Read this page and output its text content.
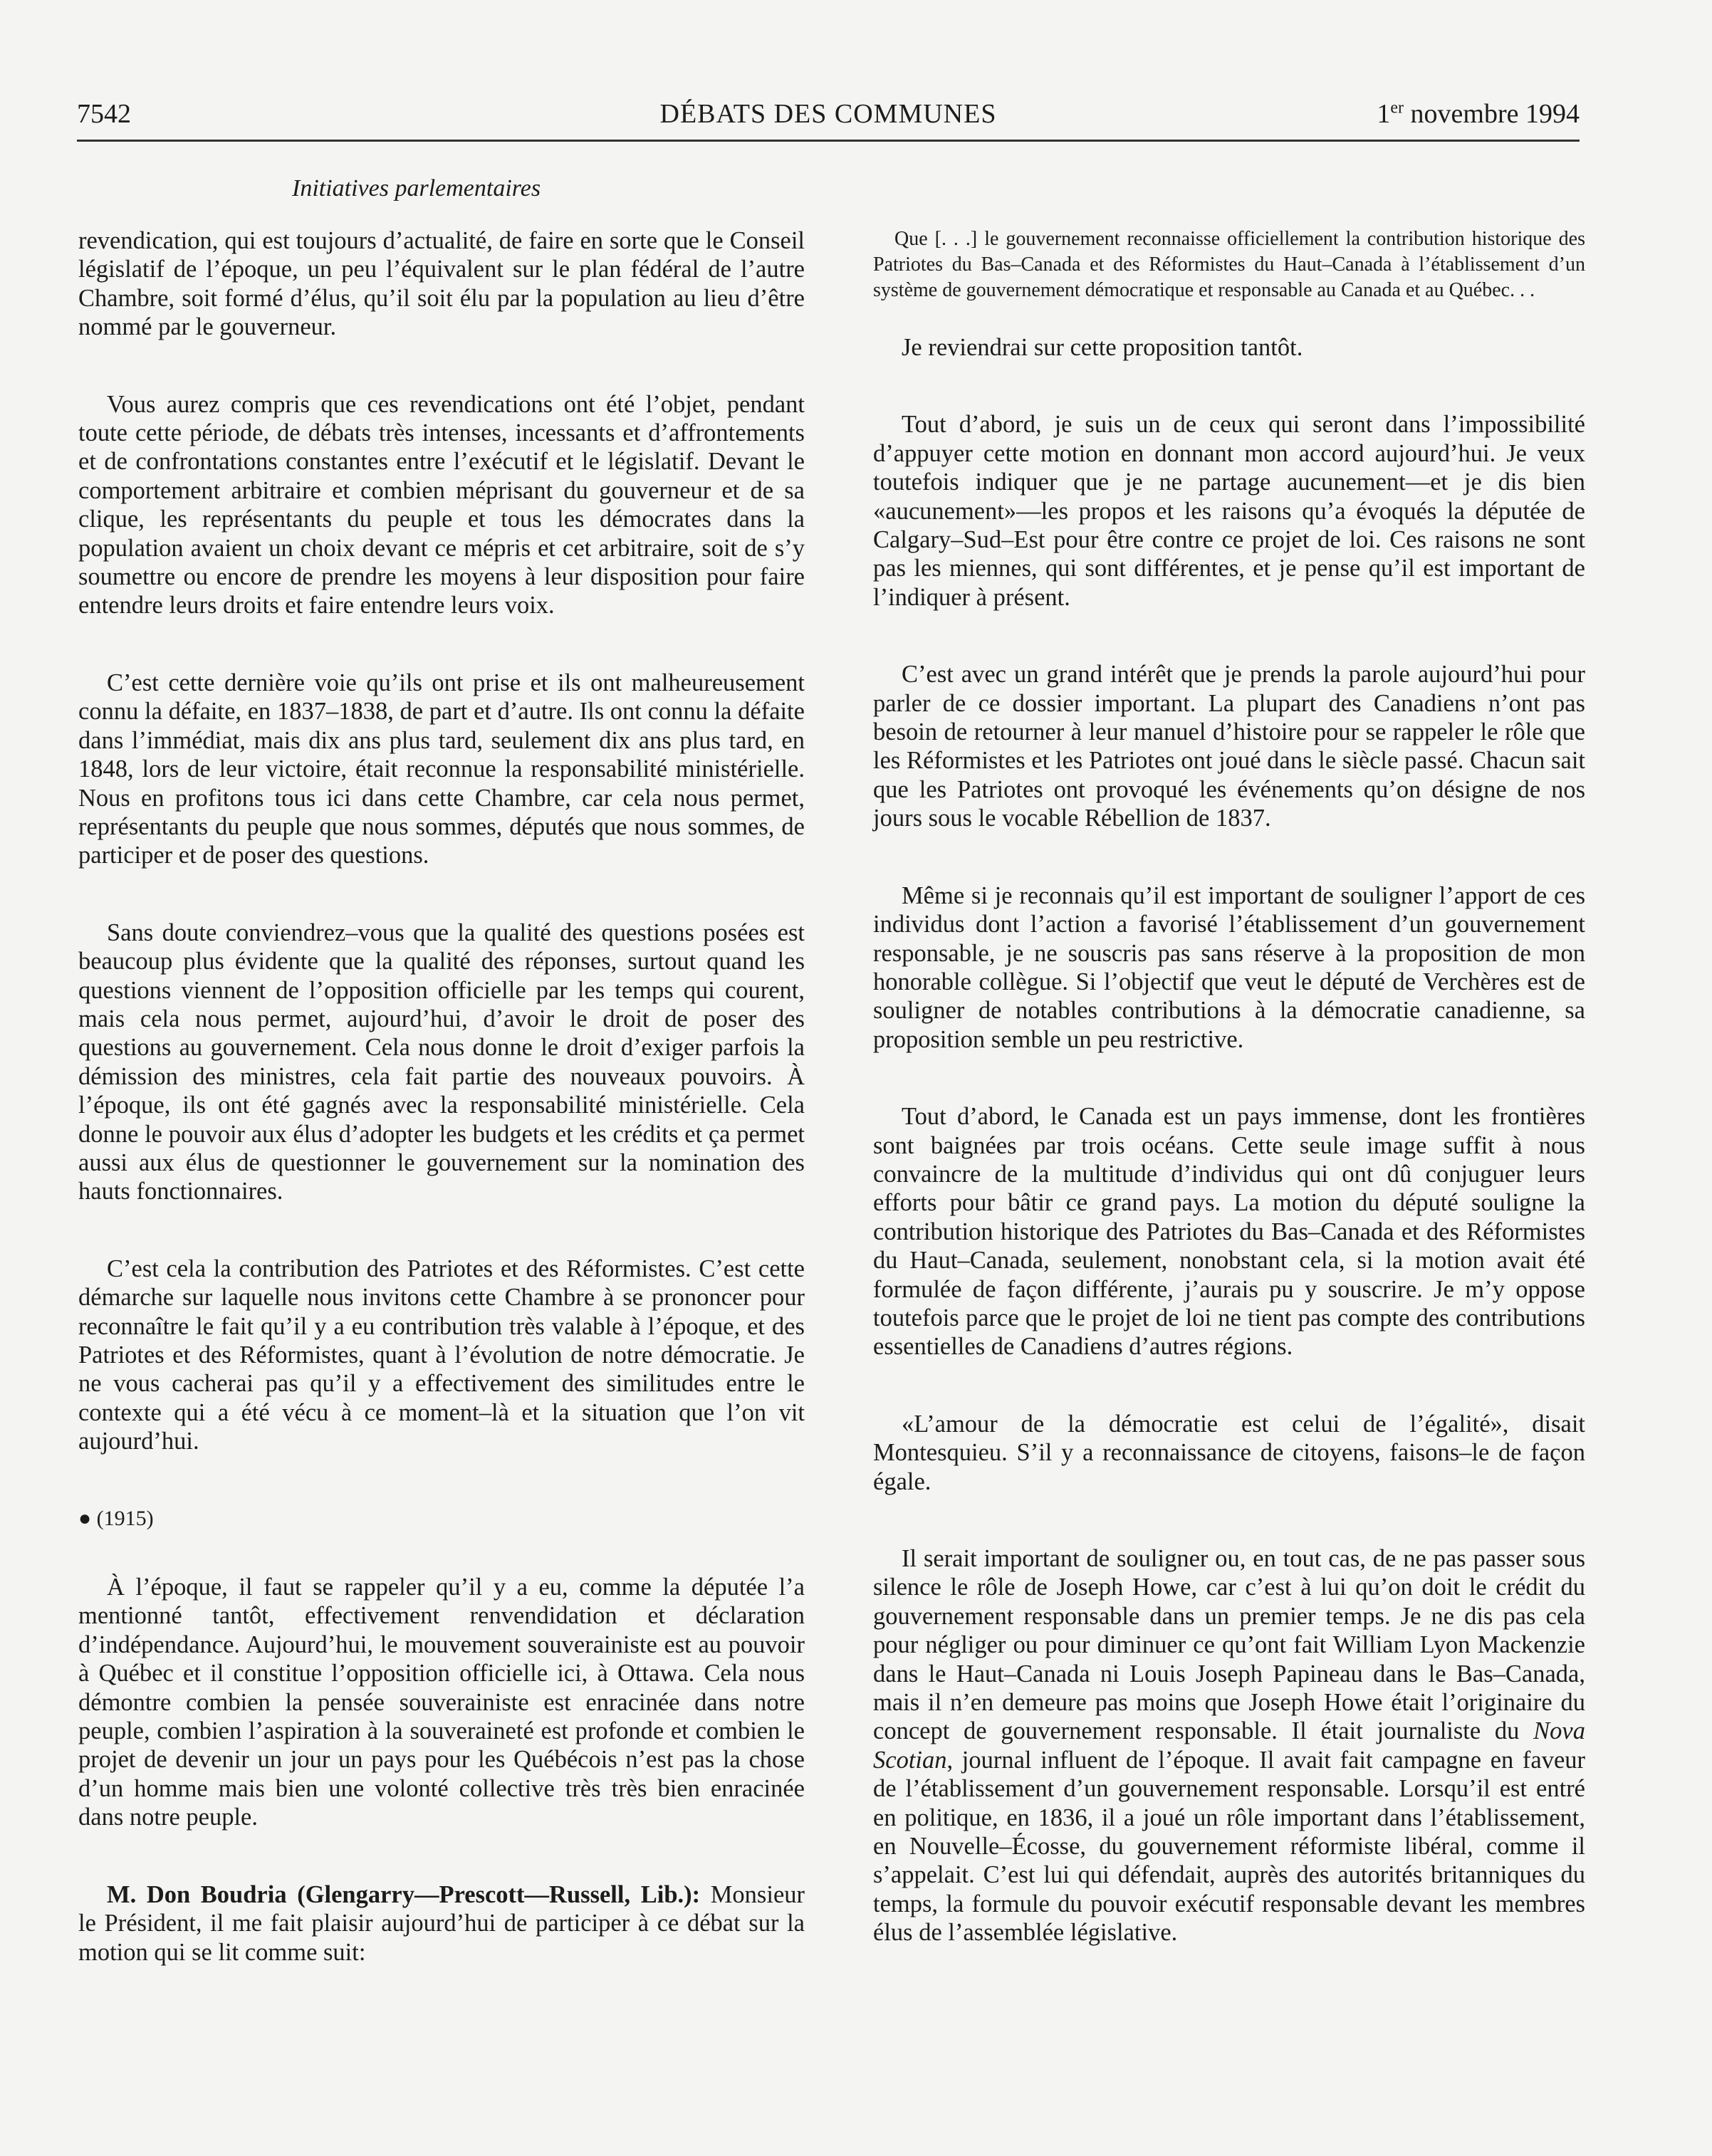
7542	DÉBATS DES COMMUNES	1er novembre 1994
Initiatives parlementaires

revendication, qui est toujours d’actualité, de faire en sorte que le Conseil législatif de l’époque, un peu l’équivalent sur le plan fédéral de l’autre Chambre, soit formé d’élus, qu’il soit élu par la population au lieu d’être nommé par le gouverneur.

Vous aurez compris que ces revendications ont été l’objet, pendant toute cette période, de débats très intenses, incessants et d’affrontements et de confrontations constantes entre l’exécutif et le législatif. Devant le comportement arbitraire et combien méprisant du gouverneur et de sa clique, les représentants du peuple et tous les démocrates dans la population avaient un choix devant ce mépris et cet arbitraire, soit de s’y soumettre ou encore de prendre les moyens à leur disposition pour faire entendre leurs droits et faire entendre leurs voix.

C’est cette dernière voie qu’ils ont prise et ils ont malheureusement connu la défaite, en 1837–1838, de part et d’autre. Ils ont connu la défaite dans l’immédiat, mais dix ans plus tard, seulement dix ans plus tard, en 1848, lors de leur victoire, était reconnue la responsabilité ministérielle. Nous en profitons tous ici dans cette Chambre, car cela nous permet, représentants du peuple que nous sommes, députés que nous sommes, de participer et de poser des questions.

Sans doute conviendrez–vous que la qualité des questions posées est beaucoup plus évidente que la qualité des réponses, surtout quand les questions viennent de l’opposition officielle par les temps qui courent, mais cela nous permet, aujourd’hui, d’avoir le droit de poser des questions au gouvernement. Cela nous donne le droit d’exiger parfois la démission des ministres, cela fait partie des nouveaux pouvoirs. À l’époque, ils ont été gagnés avec la responsabilité ministérielle. Cela donne le pouvoir aux élus d’adopter les budgets et les crédits et ça permet aussi aux élus de questionner le gouvernement sur la nomination des hauts fonctionnaires.

C’est cela la contribution des Patriotes et des Réformistes. C’est cette démarche sur laquelle nous invitons cette Chambre à se prononcer pour reconnaître le fait qu’il y a eu contribution très valable à l’époque, et des Patriotes et des Réformistes, quant à l’évolution de notre démocratie. Je ne vous cacherai pas qu’il y a effectivement des similitudes entre le contexte qui a été vécu à ce moment–là et la situation que l’on vit aujourd’hui.

● (1915)

À l’époque, il faut se rappeler qu’il y a eu, comme la députée l’a mentionné tantôt, effectivement renvendidation et déclaration d’indépendance. Aujourd’hui, le mouvement souverainiste est au pouvoir à Québec et il constitue l’opposition officielle ici, à Ottawa. Cela nous démontre combien la pensée souverainiste est enracinée dans notre peuple, combien l’aspiration à la souveraineté est profonde et combien le projet de devenir un jour un pays pour les Québécois n’est pas la chose d’un homme mais bien une volonté collective très très bien enracinée dans notre peuple.

M. Don Boudria (Glengarry—Prescott—Russell, Lib.): Monsieur le Président, il me fait plaisir aujourd’hui de participer à ce débat sur la motion qui se lit comme suit:

Que [. . .] le gouvernement reconnaisse officiellement la contribution historique des Patriotes du Bas–Canada et des Réformistes du Haut–Canada à l’établissement d’un système de gouvernement démocratique et responsable au Canada et au Québec. . .

Je reviendrai sur cette proposition tantôt.

Tout d’abord, je suis un de ceux qui seront dans l’impossibilité d’appuyer cette motion en donnant mon accord aujourd’hui. Je veux toutefois indiquer que je ne partage aucunement—et je dis bien «aucunement»—les propos et les raisons qu’a évoqués la députée de Calgary–Sud–Est pour être contre ce projet de loi. Ces raisons ne sont pas les miennes, qui sont différentes, et je pense qu’il est important de l’indiquer à présent.

C’est avec un grand intérêt que je prends la parole aujourd’hui pour parler de ce dossier important. La plupart des Canadiens n’ont pas besoin de retourner à leur manuel d’histoire pour se rappeler le rôle que les Réformistes et les Patriotes ont joué dans le siècle passé. Chacun sait que les Patriotes ont provoqué les événements qu’on désigne de nos jours sous le vocable Rébellion de 1837.

Même si je reconnais qu’il est important de souligner l’apport de ces individus dont l’action a favorisé l’établissement d’un gouvernement responsable, je ne souscris pas sans réserve à la proposition de mon honorable collègue. Si l’objectif que veut le député de Verchères est de souligner de notables contributions à la démocratie canadienne, sa proposition semble un peu restrictive.

Tout d’abord, le Canada est un pays immense, dont les frontières sont baignées par trois océans. Cette seule image suffit à nous convaincre de la multitude d’individus qui ont dû conjuguer leurs efforts pour bâtir ce grand pays. La motion du député souligne la contribution historique des Patriotes du Bas–Canada et des Réformistes du Haut–Canada, seulement, nonobstant cela, si la motion avait été formulée de façon différente, j’aurais pu y souscrire. Je m’y oppose toutefois parce que le projet de loi ne tient pas compte des contributions essentielles de Canadiens d’autres régions.

«L’amour de la démocratie est celui de l’égalité», disait Montesquieu. S’il y a reconnaissance de citoyens, faisons–le de façon égale.

Il serait important de souligner ou, en tout cas, de ne pas passer sous silence le rôle de Joseph Howe, car c’est à lui qu’on doit le crédit du gouvernement responsable dans un premier temps. Je ne dis pas cela pour négliger ou pour diminuer ce qu’ont fait William Lyon Mackenzie dans le Haut–Canada ni Louis Joseph Papineau dans le Bas–Canada, mais il n’en demeure pas moins que Joseph Howe était l’originaire du concept de gouvernement responsable. Il était journaliste du Nova Scotian, journal influent de l’époque. Il avait fait campagne en faveur de l’établissement d’un gouvernement responsable. Lorsqu’il est entré en politique, en 1836, il a joué un rôle important dans l’établissement, en Nouvelle–Écosse, du gouvernement réformiste libéral, comme il s’appelait. C’est lui qui défendait, auprès des autorités britanniques du temps, la formule du pouvoir exécutif responsable devant les membres élus de l’assemblée législative.
